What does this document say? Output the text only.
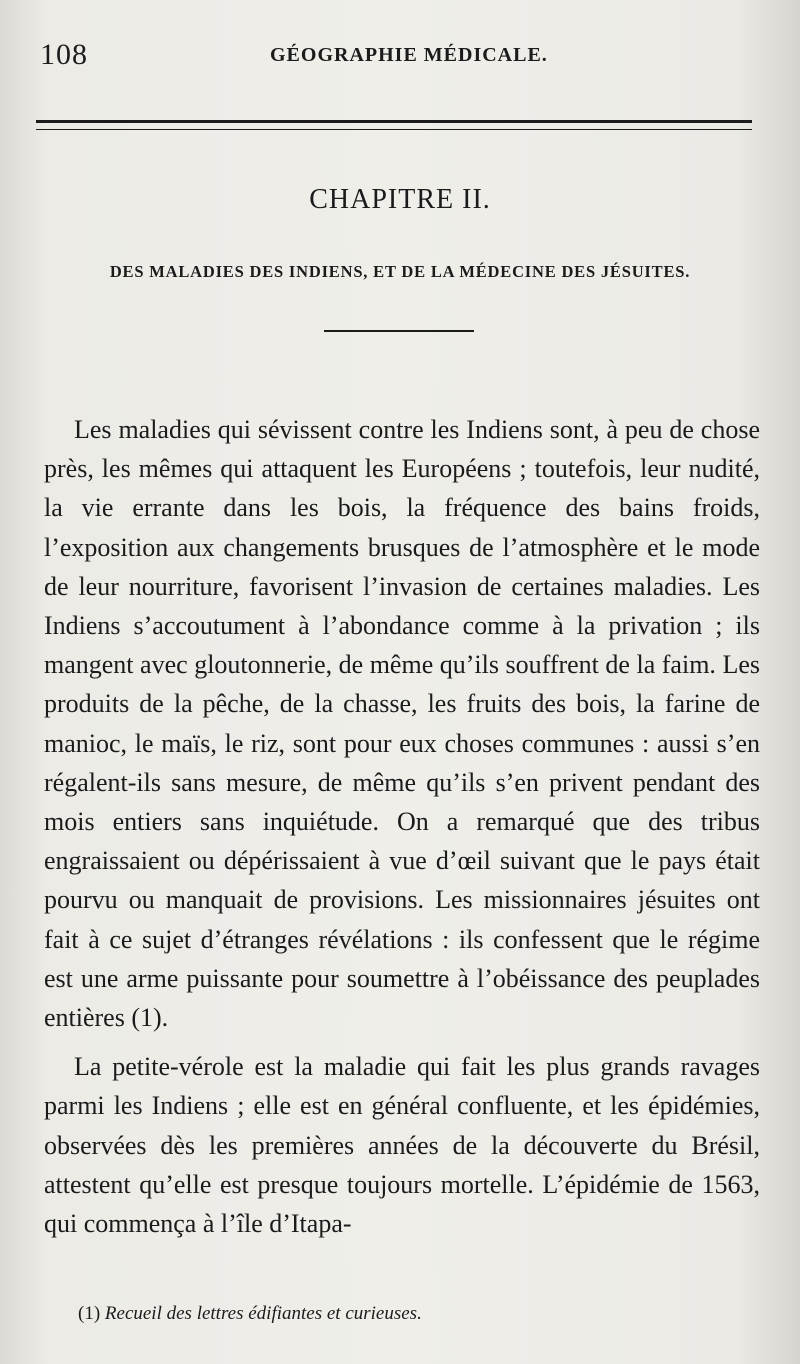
108	GÉOGRAPHIE MÉDICALE.
CHAPITRE II.
DES MALADIES DES INDIENS, ET DE LA MÉDECINE DES JÉSUITES.

Les maladies qui sévissent contre les Indiens sont, à peu de chose près, les mêmes qui attaquent les Européens ; toutefois, leur nudité, la vie errante dans les bois, la fréquence des bains froids, l’exposition aux changements brusques de l’atmosphère et le mode de leur nourriture, favorisent l’invasion de certaines maladies. Les Indiens s’accoutument à l’abondance comme à la privation ; ils mangent avec gloutonnerie, de même qu’ils souffrent de la faim. Les produits de la pêche, de la chasse, les fruits des bois, la farine de manioc, le maïs, le riz, sont pour eux choses communes : aussi s’en régalent-ils sans mesure, de même qu’ils s’en privent pendant des mois entiers sans inquiétude. On a remarqué que des tribus engraissaient ou dépérissaient à vue d’œil suivant que le pays était pourvu ou manquait de provisions. Les missionnaires jésuites ont fait à ce sujet d’étranges révélations : ils confessent que le régime est une arme puissante pour soumettre à l’obéissance des peuplades entières (1).

La petite-vérole est la maladie qui fait les plus grands ravages parmi les Indiens ; elle est en général confluente, et les épidémies, observées dès les premières années de la découverte du Brésil, attestent qu’elle est presque toujours mortelle. L’épidémie de 1563, qui commença à l’île d’Itapa-

(1) Recueil des lettres édifiantes et curieuses.
